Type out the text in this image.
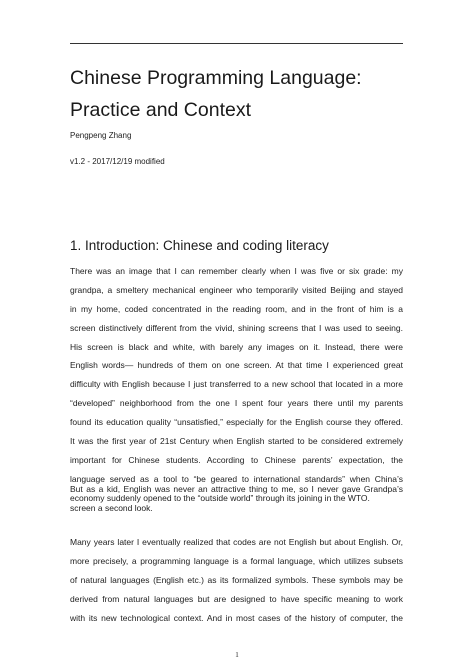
Chinese Programming Language:
Practice and Context
Pengpeng Zhang
v1.2 - 2017/12/19 modified
1. Introduction: Chinese and coding literacy
There was an image that I can remember clearly when I was five or six grade: my
grandpa, a smeltery mechanical engineer who temporarily visited Beijing and stayed
in my home, coded concentrated in the reading room, and in the front of him is a
screen distinctively different from the vivid, shining screens that I was used to seeing.
His screen is black and white, with barely any images on it. Instead, there were
English words— hundreds of them on one screen. At that time I experienced great
difficulty with English because I just transferred to a new school that located in a more
“developed” neighborhood from the one I spent four years there until my parents
found its education quality “unsatisfied,” especially for the English course they offered.
It was the first year of 21st Century when English started to be considered extremely
important for Chinese students. According to Chinese parents’ expectation, the
language served as a tool to “be geared to international standards” when China’s
economy suddenly opened to the “outside world” through its joining in the WTO.
But as a kid, English was never an attractive thing to me, so I never gave Grandpa’s
screen a second look.
Many years later I eventually realized that codes are not English but about English. Or,
more precisely, a programming language is a formal language, which utilizes subsets
of natural languages (English etc.) as its formalized symbols. These symbols may be
derived from natural languages but are designed to have specific meaning to work
with its new technological context. And in most cases of the history of computer, the
1
